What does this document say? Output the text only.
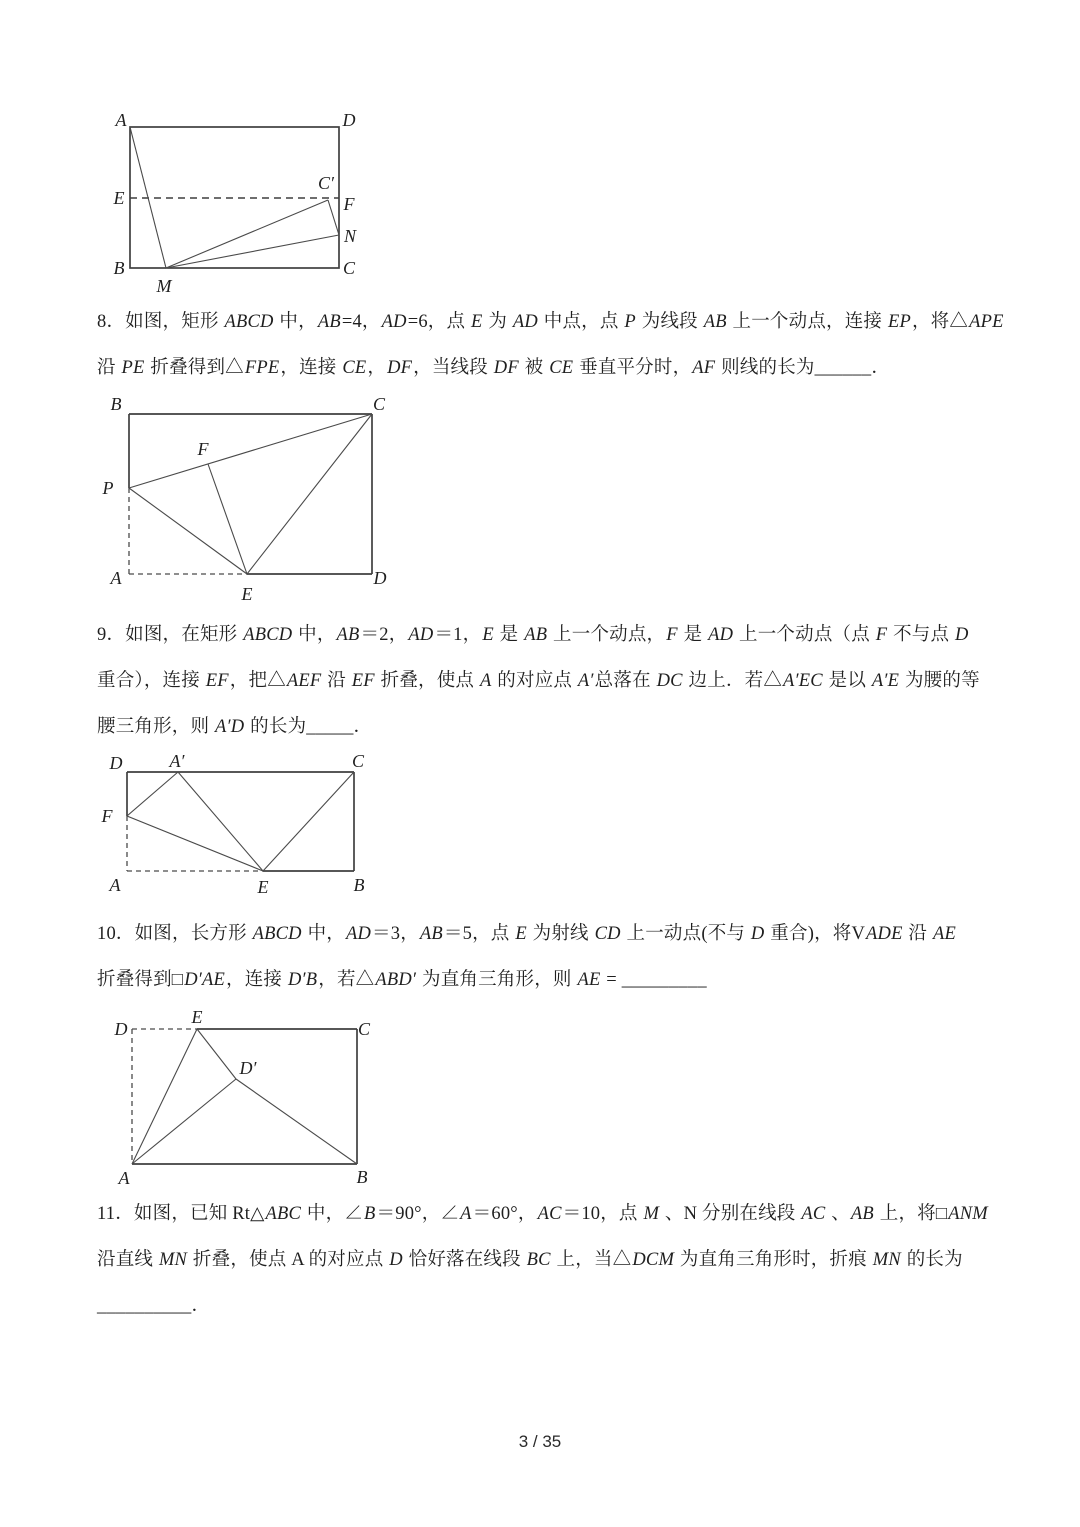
A	D
E
C′
F
N
B	C
M
8．如图，矩形 ABCD 中，AB=4，AD=6，点 E 为 AD 中点，点 P 为线段 AB 上一个动点，连接 EP，将△APE
沿 PE 折叠得到△FPE，连接 CE，DF，当线段 DF 被 CE 垂直平分时，AF 则线的长为______．
B	C
P
F
A
E
D
9．如图，在矩形 ABCD 中，AB＝2，AD＝1，E 是 AB 上一个动点，F 是 AD 上一个动点（点 F 不与点 D
重合），连接 EF，把△AEF 沿 EF 折叠，使点 A 的对应点 A′总落在 DC 边上．若△A′EC 是以 A′E 为腰的等
腰三角形，则 A′D 的长为_____．
D	A′	C
F
A	E	B
10．如图，长方形 ABCD 中，AD＝3，AB＝5，点 E 为射线 CD 上一动点(不与 D 重合)，将VADE 沿 AE
折叠得到□D′AE，连接 D′B，若△ABD′ 为直角三角形，则 AE = _________
D
E
C
D′
A	B
11．如图，已知 Rt△ABC 中，∠B＝90°，∠A＝60°，AC＝10，点 M 、N 分别在线段 AC 、AB 上，将□ANM
沿直线 MN 折叠，使点 A 的对应点 D 恰好落在线段 BC 上，当△DCM 为直角三角形时，折痕 MN 的长为
__________．
3 / 35
